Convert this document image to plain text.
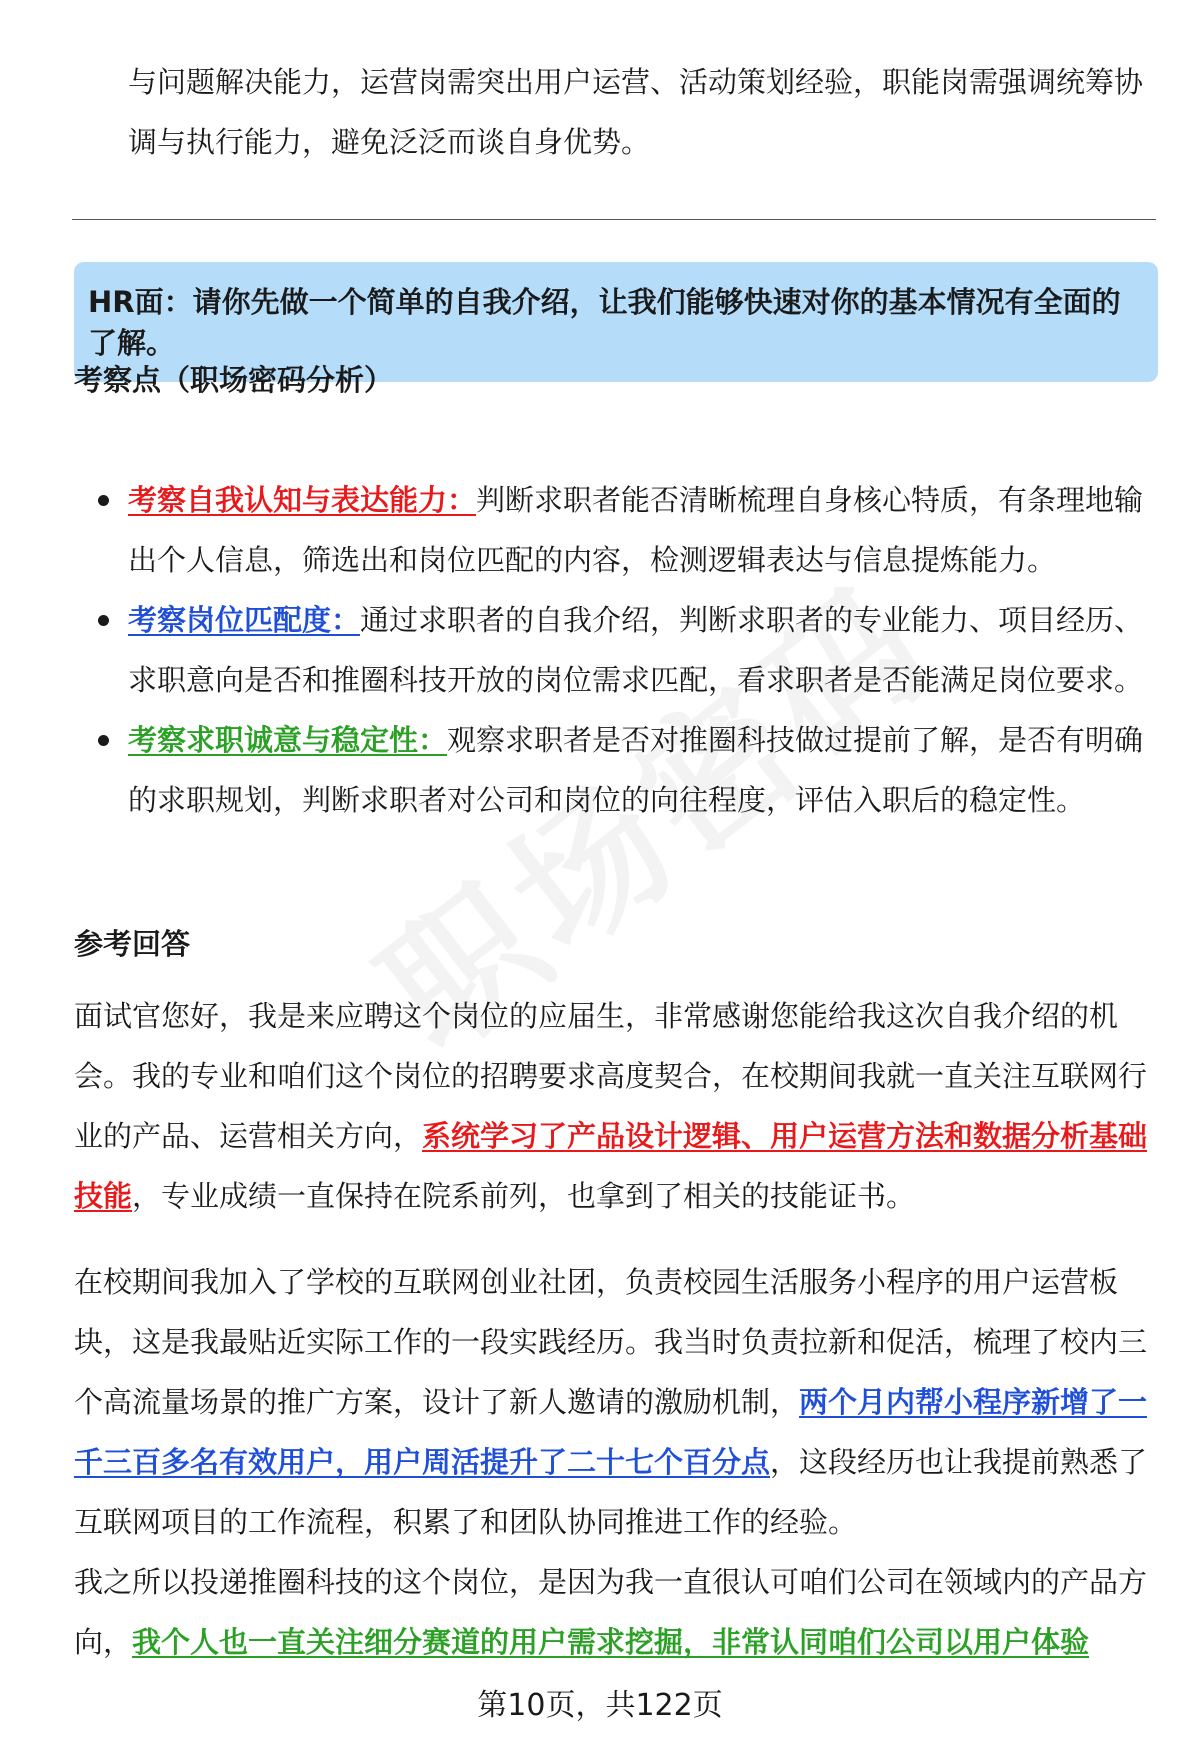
与问题解决能力，运营岗需突出用户运营、活动策划经验，职能岗需强调统筹协调与执行能力，避免泛泛而谈自身优势。

HR面：请你先做一个简单的自我介绍，让我们能够快速对你的基本情况有全面的了解。
考察点（职场密码分析）
考察自我认知与表达能力：判断求职者能否清晰梳理自身核心特质，有条理地输出个人信息，筛选出和岗位匹配的内容，检测逻辑表达与信息提炼能力。
考察岗位匹配度：通过求职者的自我介绍，判断求职者的专业能力、项目经历、求职意向是否和推圈科技开放的岗位需求匹配，看求职者是否能满足岗位要求。
考察求职诚意与稳定性：观察求职者是否对推圈科技做过提前了解，是否有明确的求职规划，判断求职者对公司和岗位的向往程度，评估入职后的稳定性。
参考回答

面试官您好，我是来应聘这个岗位的应届生，非常感谢您能给我这次自我介绍的机会。我的专业和咱们这个岗位的招聘要求高度契合，在校期间我就一直关注互联网行业的产品、运营相关方向，系统学习了产品设计逻辑、用户运营方法和数据分析基础技能，专业成绩一直保持在院系前列，也拿到了相关的技能证书。

在校期间我加入了学校的互联网创业社团，负责校园生活服务小程序的用户运营板块，这是我最贴近实际工作的一段实践经历。我当时负责拉新和促活，梳理了校内三个高流量场景的推广方案，设计了新人邀请的激励机制，两个月内帮小程序新增了一千三百多名有效用户，用户周活提升了二十七个百分点，这段经历也让我提前熟悉了互联网项目的工作流程，积累了和团队协同推进工作的经验。

我之所以投递推圈科技的这个岗位，是因为我一直很认可咱们公司在领域内的产品方向，我个人也一直关注细分赛道的用户需求挖掘，非常认同咱们公司以用户体验

第10页，共122页
